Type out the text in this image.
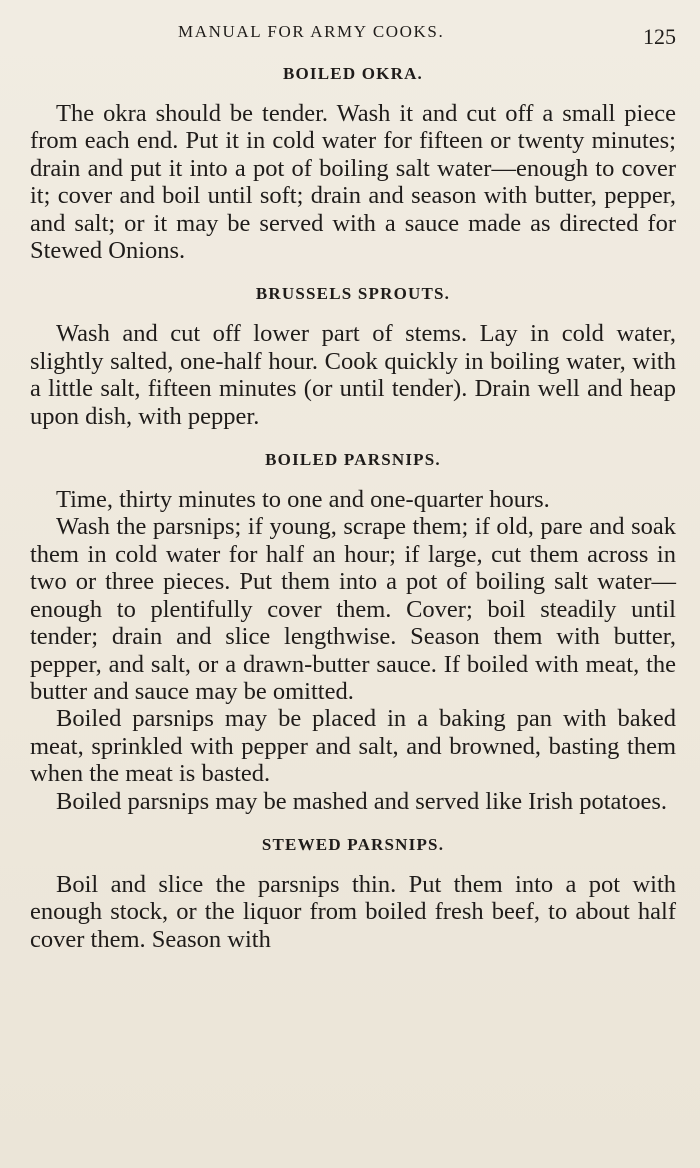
MANUAL FOR ARMY COOKS.	125
BOILED OKRA.

The okra should be tender. Wash it and cut off a small piece from each end. Put it in cold water for fifteen or twenty minutes; drain and put it into a pot of boiling salt water—enough to cover it; cover and boil until soft; drain and season with butter, pepper, and salt; or it may be served with a sauce made as directed for Stewed Onions.

BRUSSELS SPROUTS.

Wash and cut off lower part of stems. Lay in cold water, slightly salted, one-half hour. Cook quickly in boiling water, with a little salt, fifteen minutes (or until tender). Drain well and heap upon dish, with pepper.

BOILED PARSNIPS.

Time, thirty minutes to one and one-quarter hours.

Wash the parsnips; if young, scrape them; if old, pare and soak them in cold water for half an hour; if large, cut them across in two or three pieces. Put them into a pot of boiling salt water—enough to plentifully cover them. Cover; boil steadily until tender; drain and slice lengthwise. Season them with butter, pepper, and salt, or a drawn-butter sauce. If boiled with meat, the butter and sauce may be omitted.

Boiled parsnips may be placed in a baking pan with baked meat, sprinkled with pepper and salt, and browned, basting them when the meat is basted.

Boiled parsnips may be mashed and served like Irish potatoes.

STEWED PARSNIPS.

Boil and slice the parsnips thin. Put them into a pot with enough stock, or the liquor from boiled fresh beef, to about half cover them. Season with
